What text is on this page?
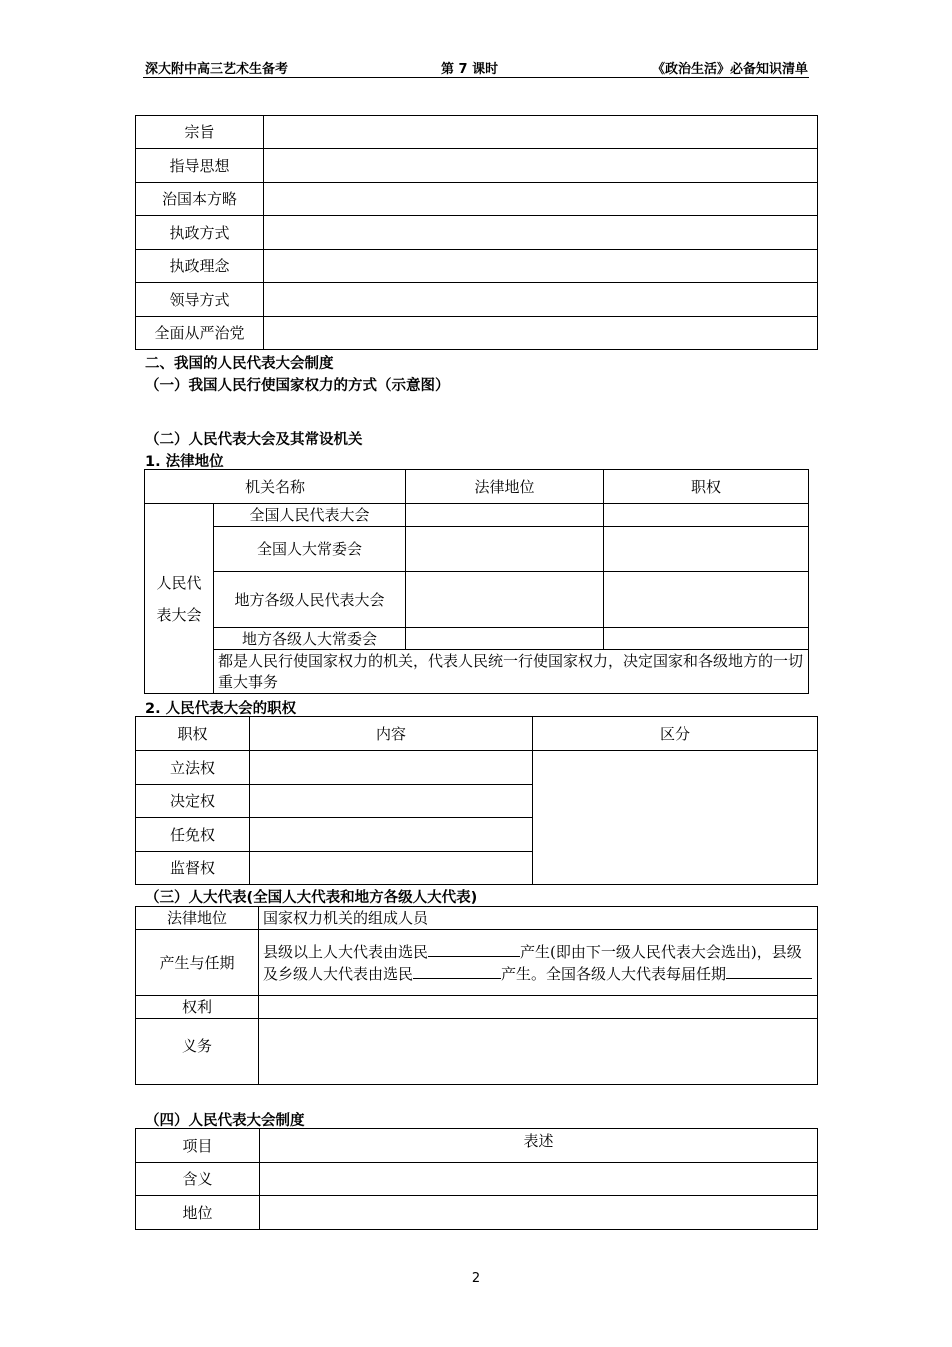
深大附中高三艺术生备考	第 7 课时	《政治生活》必备知识清单
宗旨	
指导思想	
治国本方略	
执政方式	
执政理念	
领导方式	
全面从严治党	
二、我国的人民代表大会制度
（一）我国人民行使国家权力的方式（示意图）
（二）人民代表大会及其常设机关
1. 法律地位
机关名称		法律地位	职权
人民代
表大会	全国人民代表大会		
	全国人大常委会		
	地方各级人民代表大会		
	地方各级人大常委会		
	都是人民行使国家权力的机关，代表人民统一行使国家权力，决定国家和各级地方的一切重大事务		
2. 人民代表大会的职权
职权	内容	区分
立法权		
决定权		
任免权		
监督权		
（三）人大代表(全国人大代表和地方各级人大代表)
法律地位	国家权力机关的组成人员
产生与任期	县级以上人大代表由选民 产生(即由下一级人民代表大会选出)，县级及乡级人大代表由选民 产生。全国各级人大代表每届任期
权利	
义务	
（四）人民代表大会制度
项目	表述
含义	
地位	
2
